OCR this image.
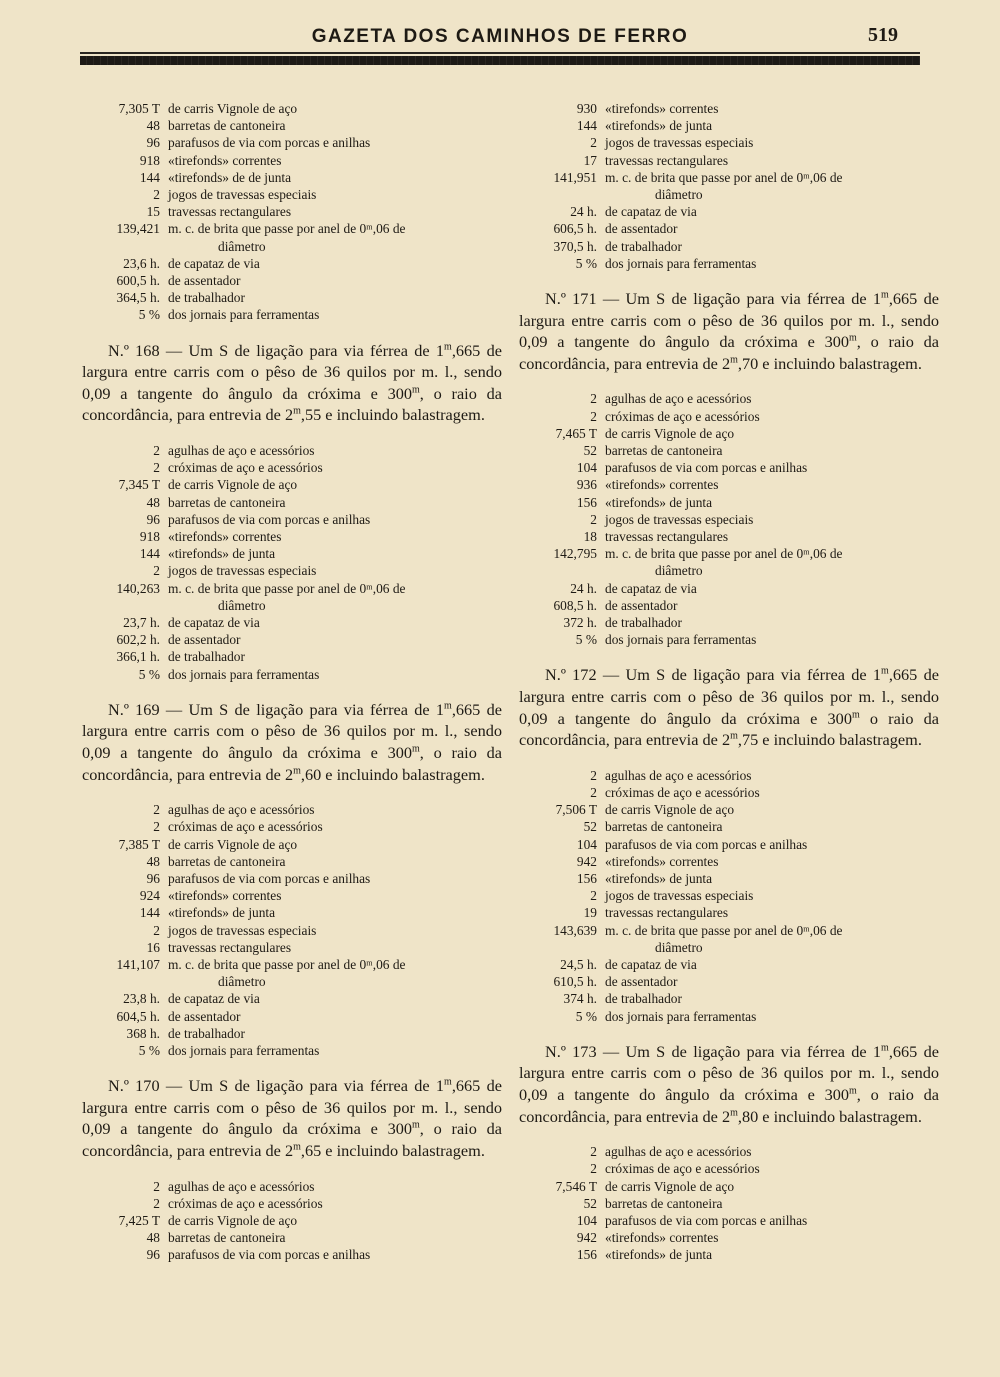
GAZETA DOS CAMINHOS DE FERRO	519
7,305 T de carris Vignole de aço
48 barretas de cantoneira
96 parafusos de via com porcas e anilhas
918 «tirefonds» correntes
144 «tirefonds» de de junta
2 jogos de travessas especiais
15 travessas rectangulares
139,421 m. c. de brita que passe por anel de 0ᵐ,06 de
diâmetro
23,6 h. de capataz de via
600,5 h. de assentador
364,5 h. de trabalhador
5 % dos jornais para ferramentas

N.º 168 — Um S de ligação para via férrea de 1$^m$,665 de largura entre carris com o pêso de 36 quilos por m. l., sendo 0,09 a tangente do ângulo da cróxima e 300$^m$, o raio da concordância, para entrevia de 2$^m$,55 e incluindo balastragem.

2 agulhas de aço e acessórios
2 cróximas de aço e acessórios
7,345 T de carris Vignole de aço
48 barretas de cantoneira
96 parafusos de via com porcas e anilhas
918 «tirefonds» correntes
144 «tirefonds» de junta
2 jogos de travessas especiais
140,263 m. c. de brita que passe por anel de 0ᵐ,06 de
diâmetro
23,7 h. de capataz de via
602,2 h. de assentador
366,1 h. de trabalhador
5 % dos jornais para ferramentas

N.º 169 — Um S de ligação para via férrea de 1$^m$,665 de largura entre carris com o pêso de 36 quilos por m. l., sendo 0,09 a tangente do ângulo da cróxima e 300$^m$, o raio da concordância, para entrevia de 2$^m$,60 e incluindo balastragem.

2 agulhas de aço e acessórios
2 cróximas de aço e acessórios
7,385 T de carris Vignole de aço
48 barretas de cantoneira
96 parafusos de via com porcas e anilhas
924 «tirefonds» correntes
144 «tirefonds» de junta
2 jogos de travessas especiais
16 travessas rectangulares
141,107 m. c. de brita que passe por anel de 0ᵐ,06 de
diâmetro
23,8 h. de capataz de via
604,5 h. de assentador
368 h. de trabalhador
5 % dos jornais para ferramentas

N.º 170 — Um S de ligação para via férrea de 1$^m$,665 de largura entre carris com o pêso de 36 quilos por m. l., sendo 0,09 a tangente do ângulo da cróxima e 300$^m$, o raio da concordância, para entrevia de 2$^m$,65 e incluindo balastragem.

2 agulhas de aço e acessórios
2 cróximas de aço e acessórios
7,425 T de carris Vignole de aço
48 barretas de cantoneira
96 parafusos de via com porcas e anilhas
930 «tirefonds» correntes
144 «tirefonds» de junta
2 jogos de travessas especiais
17 travessas rectangulares
141,951 m. c. de brita que passe por anel de 0ᵐ,06 de
diâmetro
24 h. de capataz de via
606,5 h. de assentador
370,5 h. de trabalhador
5 % dos jornais para ferramentas

N.º 171 — Um S de ligação para via férrea de 1$^m$,665 de largura entre carris com o pêso de 36 quilos por m. l., sendo 0,09 a tangente do ângulo da cróxima e 300$^m$, o raio da concordância, para entrevia de 2$^m$,70 e incluindo balastragem.

2 agulhas de aço e acessórios
2 cróximas de aço e acessórios
7,465 T de carris Vignole de aço
52 barretas de cantoneira
104 parafusos de via com porcas e anilhas
936 «tirefonds» correntes
156 «tirefonds» de junta
2 jogos de travessas especiais
18 travessas rectangulares
142,795 m. c. de brita que passe por anel de 0ᵐ,06 de
diâmetro
24 h. de capataz de via
608,5 h. de assentador
372 h. de trabalhador
5 % dos jornais para ferramentas

N.º 172 — Um S de ligação para via férrea de 1$^m$,665 de largura entre carris com o pêso de 36 quilos por m. l., sendo 0,09 a tangente do ângulo da cróxima e 300$^m$ o raio da concordância, para entrevia de 2$^m$,75 e incluindo balastragem.

2 agulhas de aço e acessórios
2 cróximas de aço e acessórios
7,506 T de carris Vignole de aço
52 barretas de cantoneira
104 parafusos de via com porcas e anilhas
942 «tirefonds» correntes
156 «tirefonds» de junta
2 jogos de travessas especiais
19 travessas rectangulares
143,639 m. c. de brita que passe por anel de 0ᵐ,06 de
diâmetro
24,5 h. de capataz de via
610,5 h. de assentador
374 h. de trabalhador
5 % dos jornais para ferramentas

N.º 173 — Um S de ligação para via férrea de 1$^m$,665 de largura entre carris com o pêso de 36 quilos por m. l., sendo 0,09 a tangente do ângulo da cróxima e 300$^m$, o raio da concordância, para entrevia de 2$^m$,80 e incluindo balastragem.

2 agulhas de aço e acessórios
2 cróximas de aço e acessórios
7,546 T de carris Vignole de aço
52 barretas de cantoneira
104 parafusos de via com porcas e anilhas
942 «tirefonds» correntes
156 «tirefonds» de junta
